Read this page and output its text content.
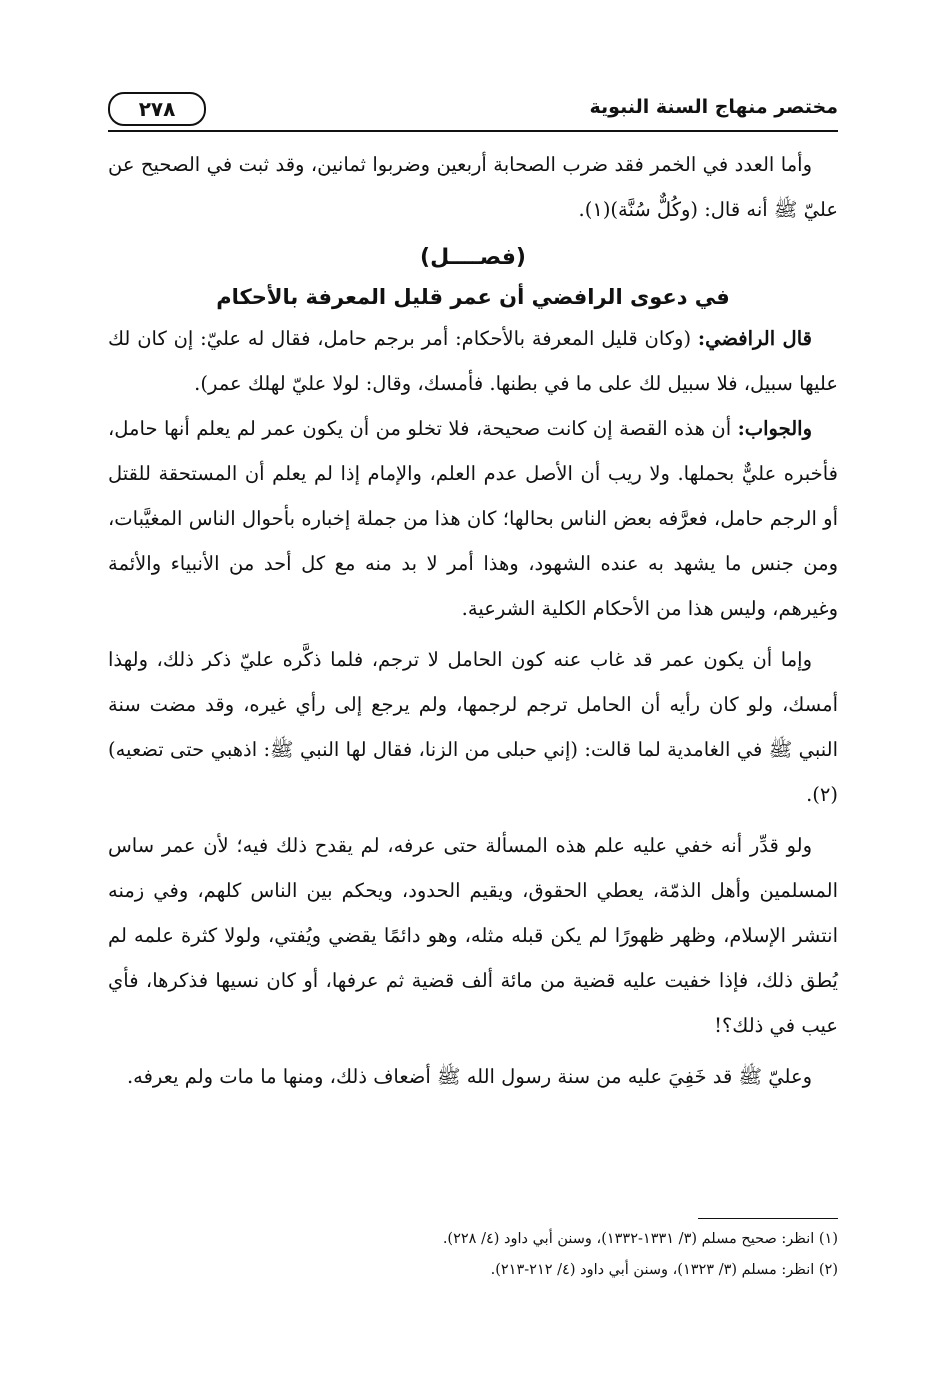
مختصر منهاج السنة النبوية
٢٧٨

وأما العدد في الخمر فقد ضرب الصحابة أربعين وضربوا ثمانين، وقد ثبت في الصحيح عن عليّ ﷺ أنه قال: (وكُلٌّ سُنَّة)(١).

(فصــــل)

في دعوى الرافضي أن عمر قليل المعرفة بالأحكام

قال الرافضي: (وكان قليل المعرفة بالأحكام: أمر برجم حامل، فقال له عليّ: إن كان لك عليها سبيل، فلا سبيل لك على ما في بطنها. فأمسك، وقال: لولا عليّ لهلك عمر).

والجواب: أن هذه القصة إن كانت صحيحة، فلا تخلو من أن يكون عمر لم يعلم أنها حامل، فأخبره عليٌّ بحملها. ولا ريب أن الأصل عدم العلم، والإمام إذا لم يعلم أن المستحقة للقتل أو الرجم حامل، فعرَّفه بعض الناس بحالها؛ كان هذا من جملة إخباره بأحوال الناس المغيَّبات، ومن جنس ما يشهد به عنده الشهود، وهذا أمر لا بد منه مع كل أحد من الأنبياء والأئمة وغيرهم، وليس هذا من الأحكام الكلية الشرعية.

وإما أن يكون عمر قد غاب عنه كون الحامل لا ترجم، فلما ذكَّره عليّ ذكر ذلك، ولهذا أمسك، ولو كان رأيه أن الحامل ترجم لرجمها، ولم يرجع إلى رأي غيره، وقد مضت سنة النبي ﷺ في الغامدية لما قالت: (إني حبلى من الزنا، فقال لها النبي ﷺ: اذهبي حتى تضعيه)(٢).

ولو قدِّر أنه خفي عليه علم هذه المسألة حتى عرفه، لم يقدح ذلك فيه؛ لأن عمر ساس المسلمين وأهل الذمّة، يعطي الحقوق، ويقيم الحدود، ويحكم بين الناس كلهم، وفي زمنه انتشر الإسلام، وظهر ظهورًا لم يكن قبله مثله، وهو دائمًا يقضي ويُفتي، ولولا كثرة علمه لم يُطق ذلك، فإذا خفيت عليه قضية من مائة ألف قضية ثم عرفها، أو كان نسيها فذكرها، فأي عيب في ذلك؟!

وعليّ ﷺ قد خَفِيَ عليه من سنة رسول الله ﷺ أضعاف ذلك، ومنها ما مات ولم يعرفه.

(١) انظر: صحيح مسلم (٣/ ١٣٣١-١٣٣٢)، وسنن أبي داود (٤/ ٢٢٨).

(٢) انظر: مسلم (٣/ ١٣٢٣)، وسنن أبي داود (٤/ ٢١٢-٢١٣).
